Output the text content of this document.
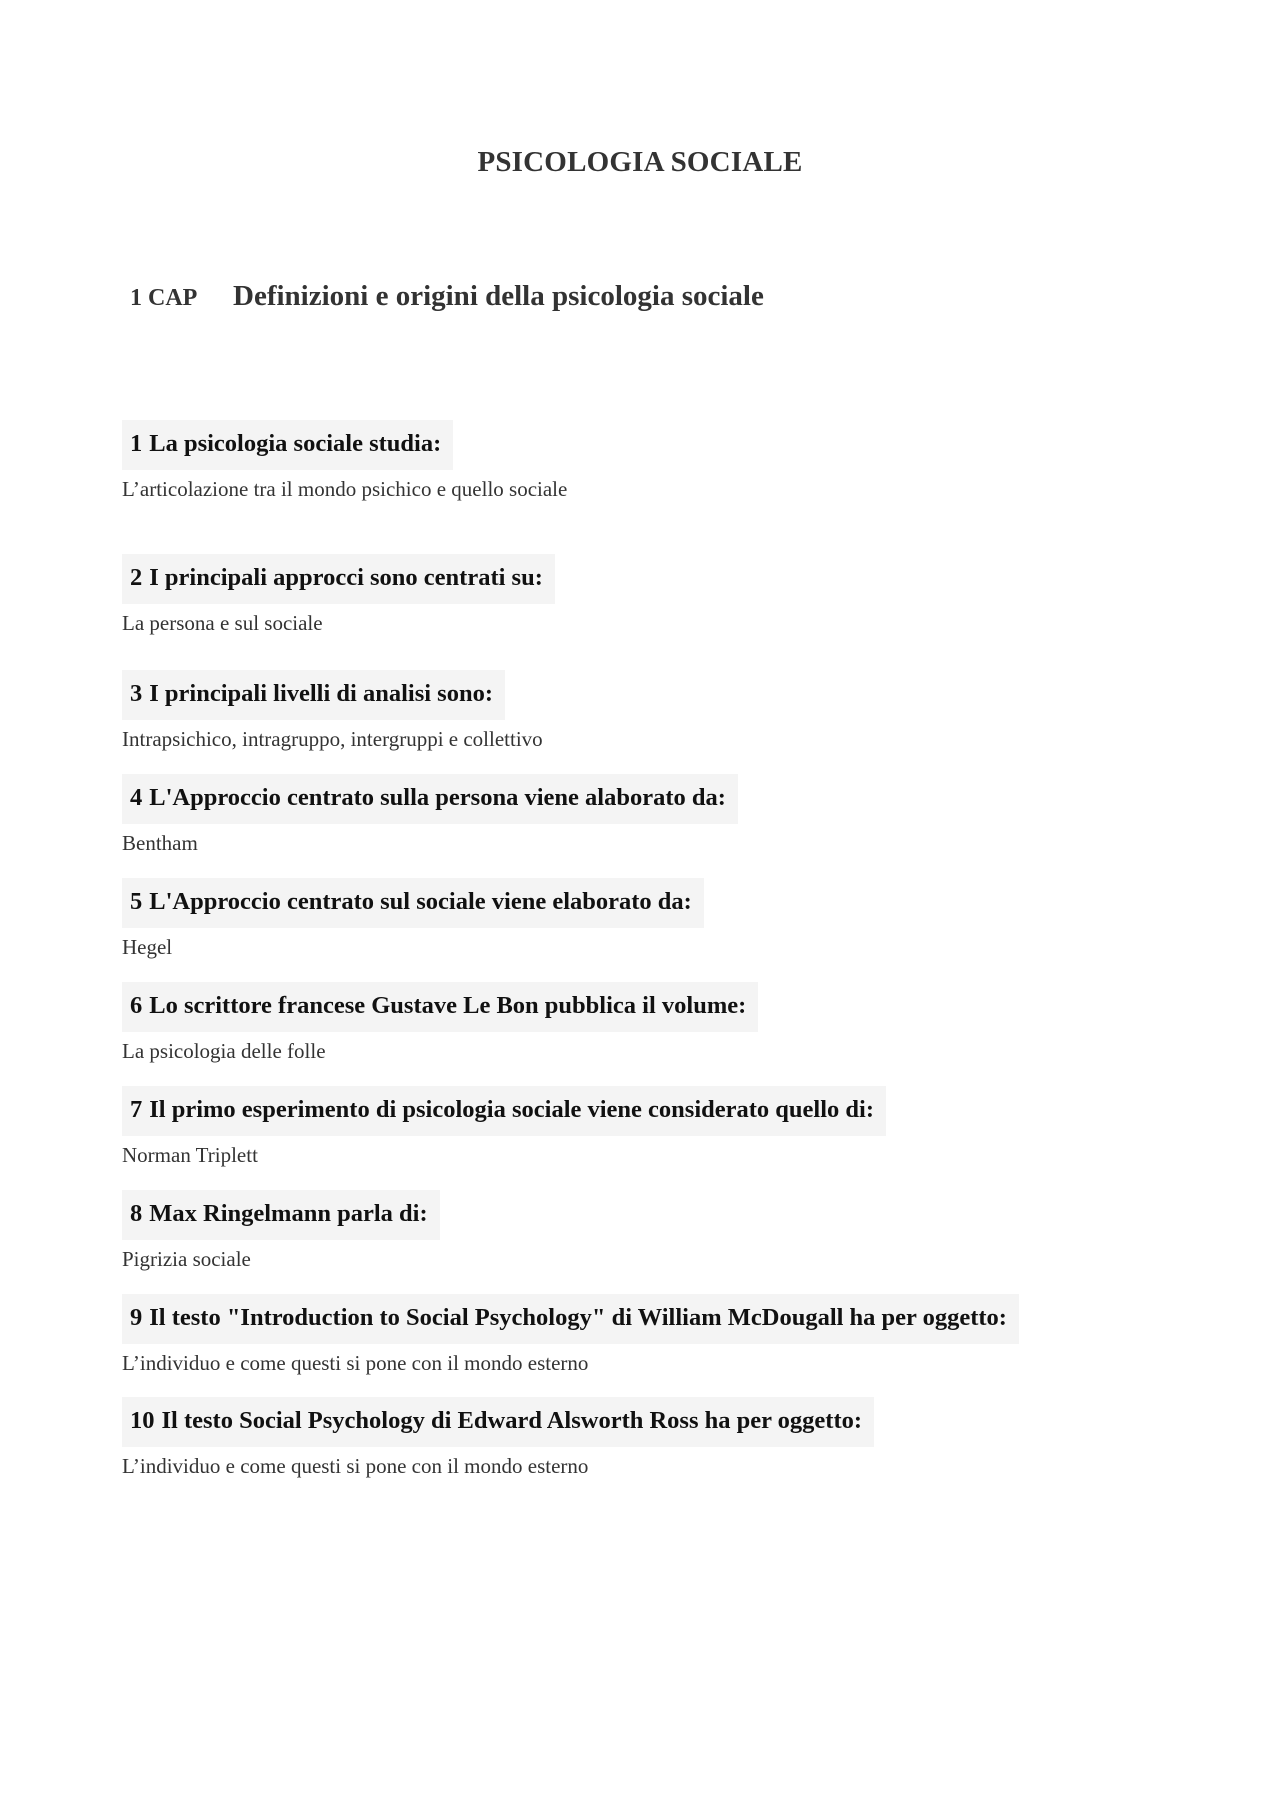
PSICOLOGIA SOCIALE
1 CAP Definizioni e origini della psicologia sociale
1 La psicologia sociale studia:
L’articolazione tra il mondo psichico e quello sociale
2 I principali approcci sono centrati su:
La persona e sul sociale
3 I principali livelli di analisi sono:
Intrapsichico, intragruppo, intergruppi e collettivo
4 L'Approccio centrato sulla persona viene alaborato da:
Bentham
5 L'Approccio centrato sul sociale viene elaborato da:
Hegel
6 Lo scrittore francese Gustave Le Bon pubblica il volume:
La psicologia delle folle
7 Il primo esperimento di psicologia sociale viene considerato quello di:
Norman Triplett
8 Max Ringelmann parla di:
Pigrizia sociale
9 Il testo "Introduction to Social Psychology" di William McDougall ha per oggetto:
L’individuo e come questi si pone con il mondo esterno
10 Il testo Social Psychology di Edward Alsworth Ross ha per oggetto:
L’individuo e come questi si pone con il mondo esterno
